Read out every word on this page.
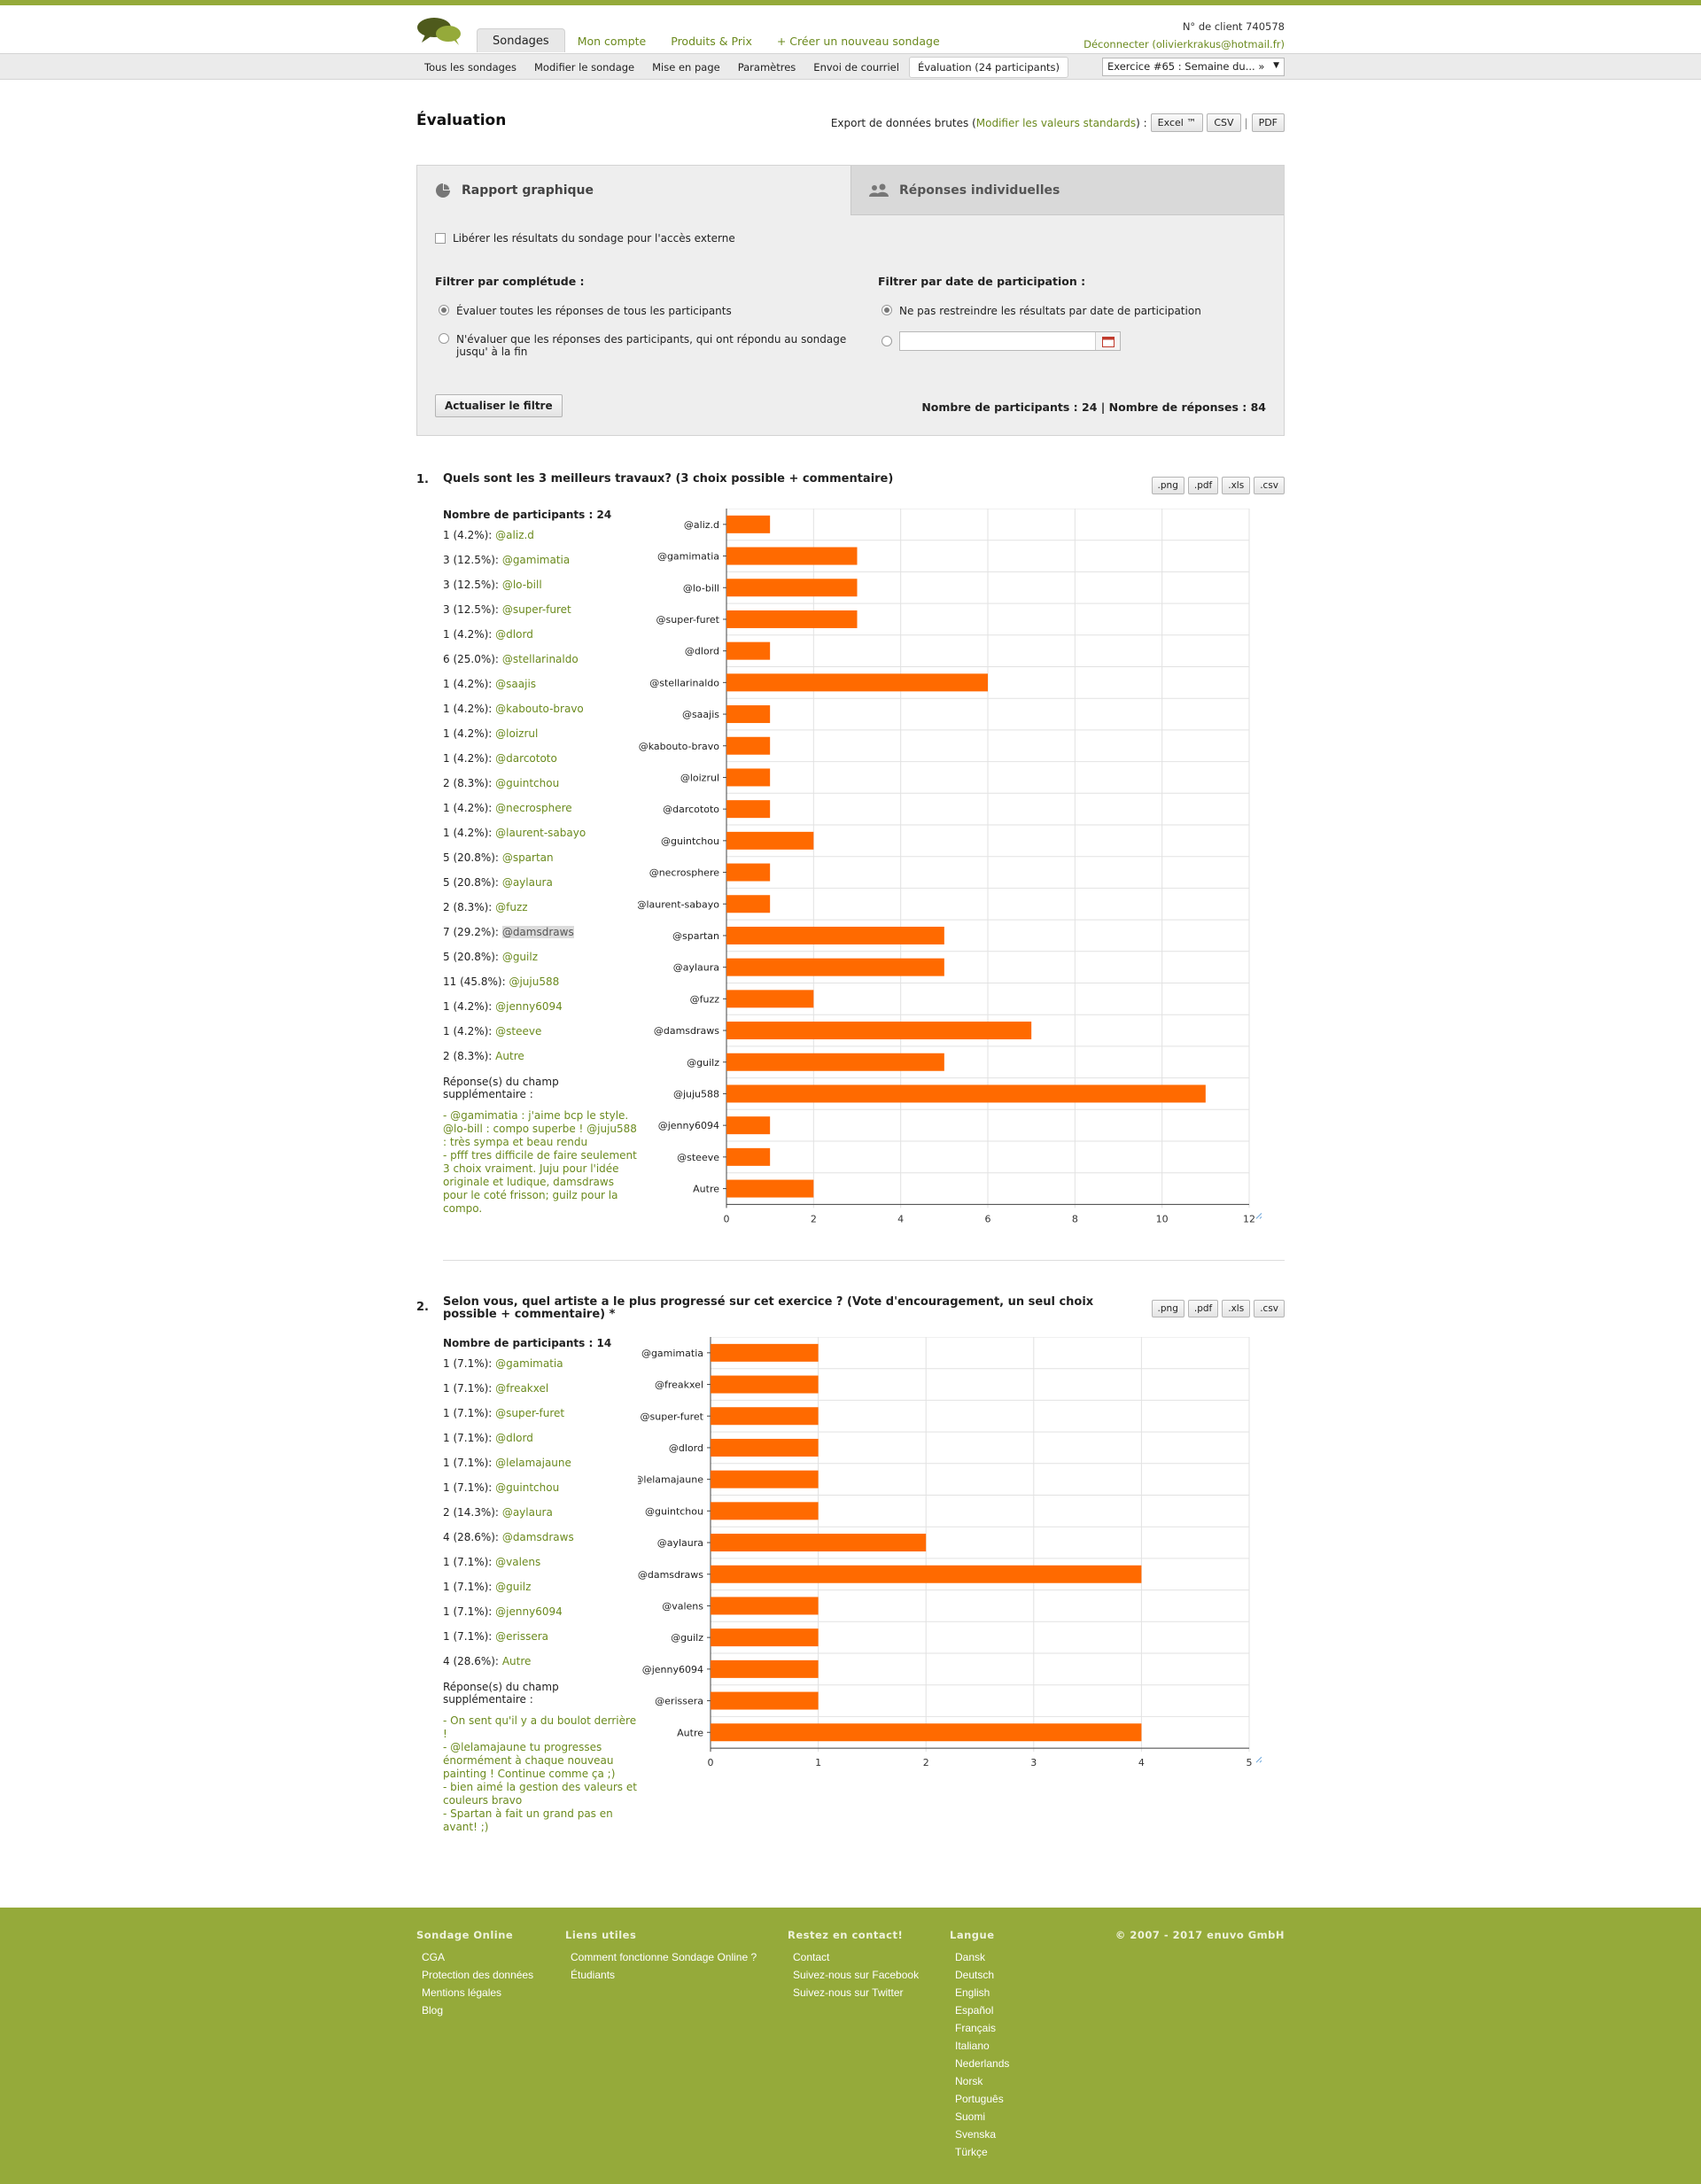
Sondages	Mon compte	Produits & Prix	+ Créer un nouveau sondage
N° de client 740578
Déconnecter (olivierkrakus@hotmail.fr)
Tous les sondages	Modifier le sondage	Mise en page	Paramètres	Envoi de courriel	Évaluation (24 participants)	Exercice #65 : Semaine du... » ▼
Évaluation	Export de données brutes ( Modifier les valeurs standards ) :	Excel ™	CSV	|	PDF
Rapport graphique	Réponses individuelles
Libérer les résultats du sondage pour l'accès externe
Filtrer par complétude :
Évaluer toutes les réponses de tous les participants
N'évaluer que les réponses des participants, qui ont répondu au sondage jusqu' à la fin
Filtrer par date de participation :
Ne pas restreindre les résultats par date de participation
Actualiser le filtre	Nombre de participants : 24 | Nombre de réponses : 84
1. Quels sont les 3 meilleurs travaux? (3 choix possible + commentaire)	.png	.pdf	.xls	.csv
Nombre de participants : 24
1 (4.2%): @aliz.d
3 (12.5%): @gamimatia
3 (12.5%): @lo-bill
3 (12.5%): @super-furet
1 (4.2%): @dlord
6 (25.0%): @stellarinaldo
1 (4.2%): @saajis
1 (4.2%): @kabouto-bravo
1 (4.2%): @loizrul
1 (4.2%): @darcototo
2 (8.3%): @guintchou
1 (4.2%): @necrosphere
1 (4.2%): @laurent-sabayo
5 (20.8%): @spartan
5 (20.8%): @aylaura
2 (8.3%): @fuzz
7 (29.2%): @damsdraws
5 (20.8%): @guilz
11 (45.8%): @juju588
1 (4.2%): @jenny6094
1 (4.2%): @steeve
2 (8.3%): Autre
Réponse(s) du champ supplémentaire :
- @gamimatia : j'aime bcp le style. @lo-bill : compo superbe ! @juju588 : très sympa et beau rendu
- pfff tres difficile de faire seulement 3 choix vraiment. Juju pour l'idée originale et ludique, damsdraws pour le coté frisson; guilz pour la compo.
0	2	4	6	8	10	12
@aliz.d
@gamimatia
@lo-bill
@super-furet
@dlord
@stellarinaldo
@saajis
@kabouto-bravo
@loizrul
@darcototo
@guintchou
@necrosphere
@laurent-sabayo
@spartan
@aylaura
@fuzz
@damsdraws
@guilz
@juju588
@jenny6094
@steeve
Autre
2. Selon vous, quel artiste a le plus progressé sur cet exercice ? (Vote d'encouragement, un seul choix possible + commentaire) *	.png	.pdf	.xls	.csv
Nombre de participants : 14
1 (7.1%): @gamimatia
1 (7.1%): @freakxel
1 (7.1%): @super-furet
1 (7.1%): @dlord
1 (7.1%): @lelamajaune
1 (7.1%): @guintchou
2 (14.3%): @aylaura
4 (28.6%): @damsdraws
1 (7.1%): @valens
1 (7.1%): @guilz
1 (7.1%): @jenny6094
1 (7.1%): @erissera
4 (28.6%): Autre
Réponse(s) du champ supplémentaire :
- On sent qu'il y a du boulot derrière !
- @lelamajaune tu progresses énormément à chaque nouveau painting ! Continue comme ça ;)
- bien aimé la gestion des valeurs et couleurs bravo
- Spartan à fait un grand pas en avant! ;)
0	1	2	3	4	5
@gamimatia
@freakxel
@super-furet
@dlord
@lelamajaune
@guintchou
@aylaura
@damsdraws
@valens
@guilz
@jenny6094
@erissera
Autre
Sondage Online
CGA
Protection des données
Mentions légales
Blog
Liens utiles
Comment fonctionne Sondage Online ?
Étudiants
Restez en contact!
Contact
Suivez-nous sur Facebook
Suivez-nous sur Twitter
Langue
Dansk
Deutsch
English
Español
Français
Italiano
Nederlands
Norsk
Português
Suomi
Svenska
Türkçe
© 2007 - 2017 enuvo GmbH
